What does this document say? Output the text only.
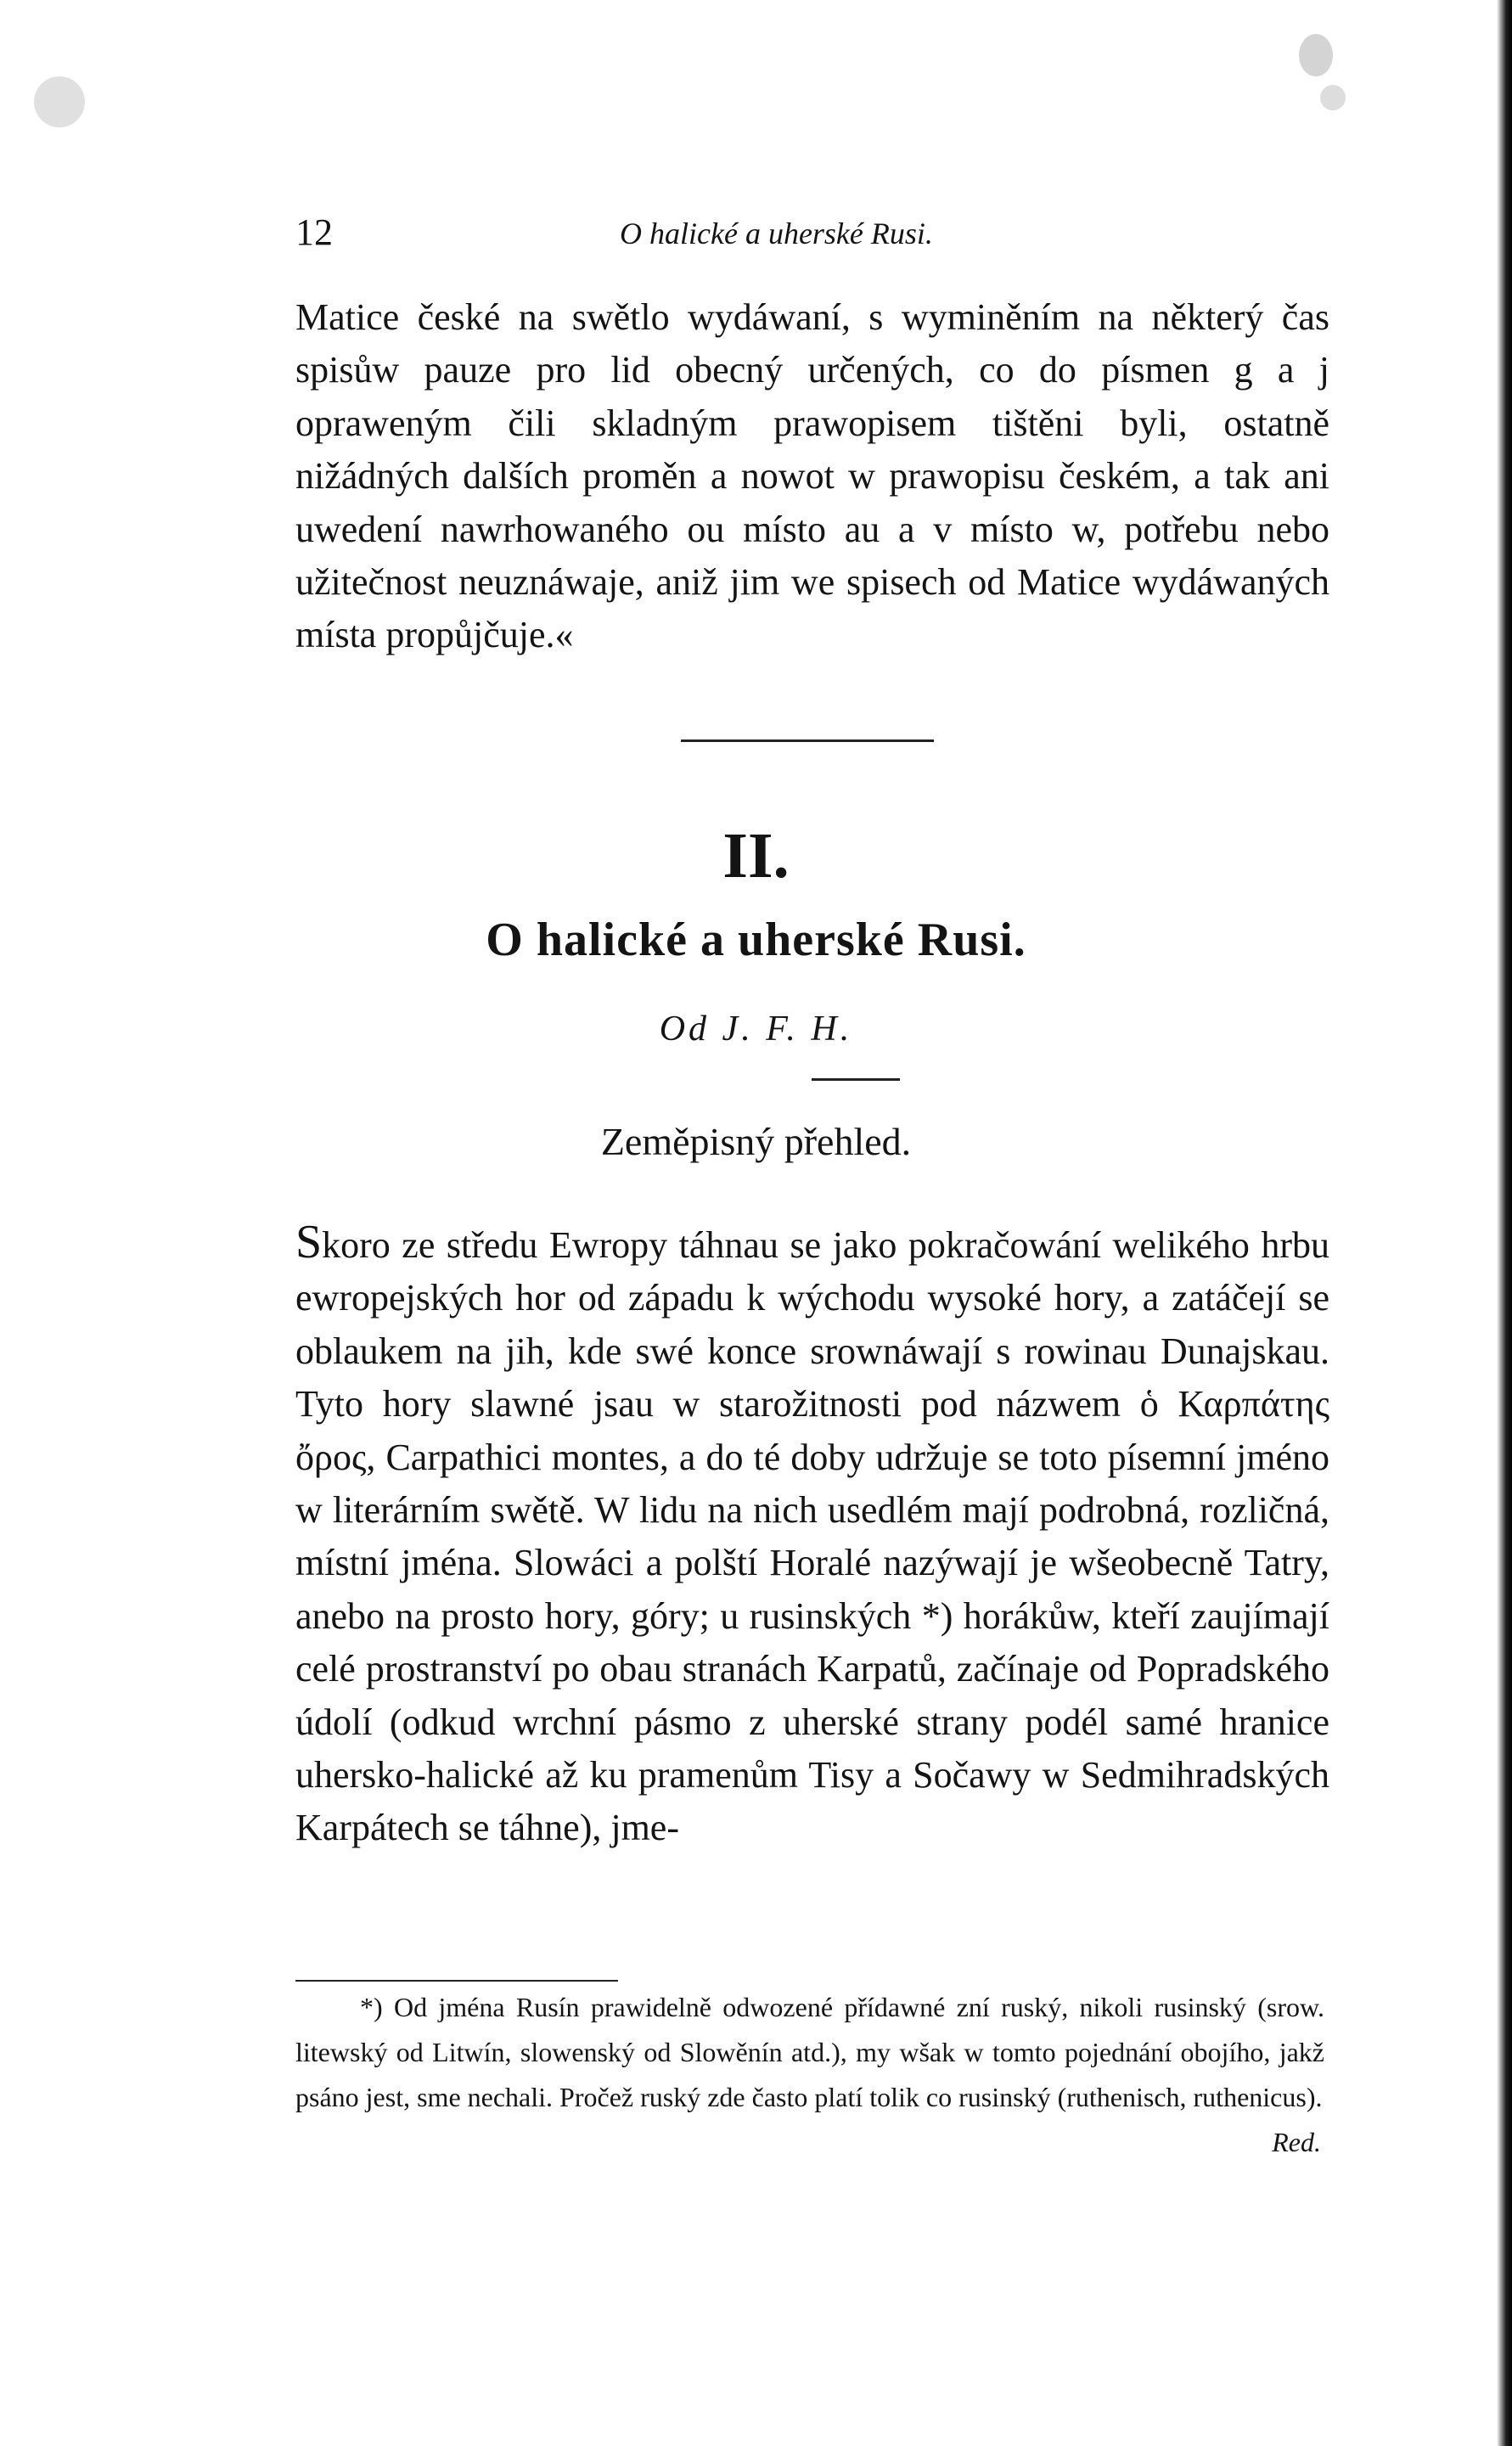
12	O halické a uherské Rusi.
Matice české na swětlo wydáwaní, s wyminěním na některý čas spisůw pauze pro lid obecný určených, co do písmen g a j opraweným čili skladným prawopisem tištěni byli, ostatně nižádných dalších proměn a nowot w prawopisu českém, a tak ani uwedení nawrhowaného ou místo au a v místo w, potřebu nebo užitečnost neuznáwaje, aniž jim we spisech od Matice wydáwaných místa propůjčuje.«
II.
O halické a uherské Rusi.
Od J. F. H.
Zeměpisný přehled.
Skoro ze středu Ewropy táhnau se jako pokračowání welikého hrbu ewropejských hor od západu k wýchodu wysoké hory, a zatáčejí se oblaukem na jih, kde swé konce srownáwají s rowinau Dunajskau. Tyto hory slawné jsau w starožitnosti pod názwem ὁ Καρπάτης ὄρος, Carpathici montes, a do té doby udržuje se toto písemní jméno w literárním swětě. W lidu na nich usedlém mají podrobná, rozličná, místní jména. Slowáci a polští Horalé nazýwají je wšeobecně Tatry, anebo na prosto hory, góry; u rusinských *) horákůw, kteří zaujímají celé prostranství po obau stranách Karpatů, začínaje od Popradského údolí (odkud wrchní pásmo z uherské strany podél samé hranice uhersko-halické až ku pramenům Tisy a Sočawy w Sedmihradských Karpátech se táhne), jme-
*) Od jména Rusín prawidelně odwozené přídawné zní ruský, nikoli rusinský (srow. litewský od Litwín, slowenský od Slowěnín atd.), my wšak w tomto pojednání obojího, jakž psáno jest, sme nechali. Pročež ruský zde často platí tolik co rusinský (ruthenisch, ruthenicus).
Red.
